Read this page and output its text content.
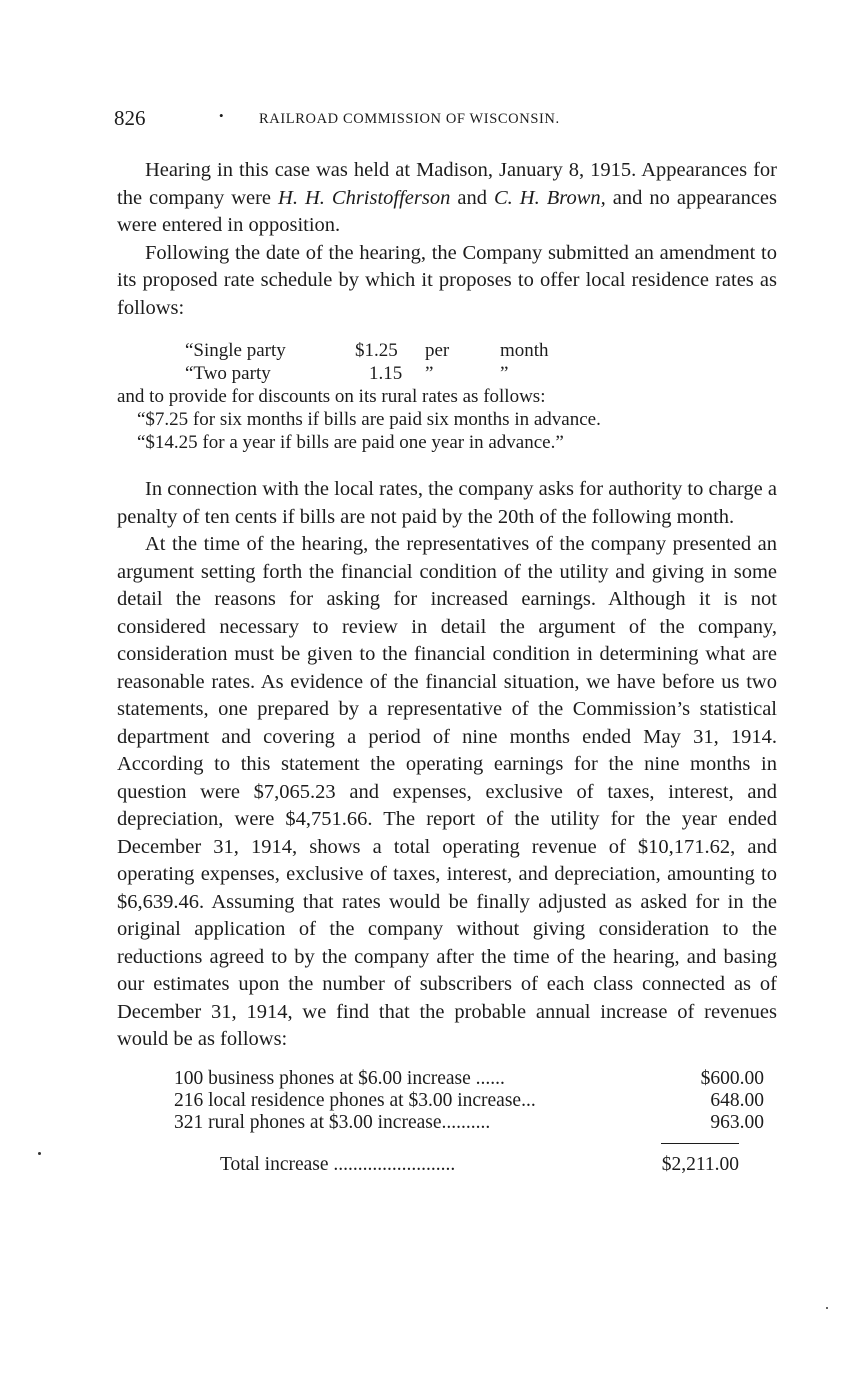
826	• RAILROAD COMMISSION OF WISCONSIN.

Hearing in this case was held at Madison, January 8, 1915. Appearances for the company were H. H. Christofferson and C. H. Brown, and no appearances were entered in opposition.

Following the date of the hearing, the Company submitted an amendment to its proposed rate schedule by which it proposes to offer local residence rates as follows:

“Single party	$1.25	per	month
“Two party	1.15	”	”
and to provide for discounts on its rural rates as follows:
“$7.25 for six months if bills are paid six months in advance.
“$14.25 for a year if bills are paid one year in advance.”

In connection with the local rates, the company asks for authority to charge a penalty of ten cents if bills are not paid by the 20th of the following month.

At the time of the hearing, the representatives of the company presented an argument setting forth the financial condition of the utility and giving in some detail the reasons for asking for increased earnings. Although it is not considered necessary to review in detail the argument of the company, consideration must be given to the financial condition in determining what are reasonable rates. As evidence of the financial situation, we have before us two statements, one prepared by a representative of the Commission’s statistical department and covering a period of nine months ended May 31, 1914. According to this statement the operating earnings for the nine months in question were $7,065.23 and expenses, exclusive of taxes, interest, and depreciation, were $4,751.66. The report of the utility for the year ended December 31, 1914, shows a total operating revenue of $10,171.62, and operating expenses, exclusive of taxes, interest, and depreciation, amounting to $6,639.46. Assuming that rates would be finally adjusted as asked for in the original application of the company without giving consideration to the reductions agreed to by the company after the time of the hearing, and basing our estimates upon the number of subscribers of each class connected as of December 31, 1914, we find that the probable annual increase of revenues would be as follows:

100 business phones at $6.00 increase ......	$600.00
216 local residence phones at $3.00 increase...	648.00
321 rural phones at $3.00 increase..........	963.00
Total increase .........................	$2,211.00
